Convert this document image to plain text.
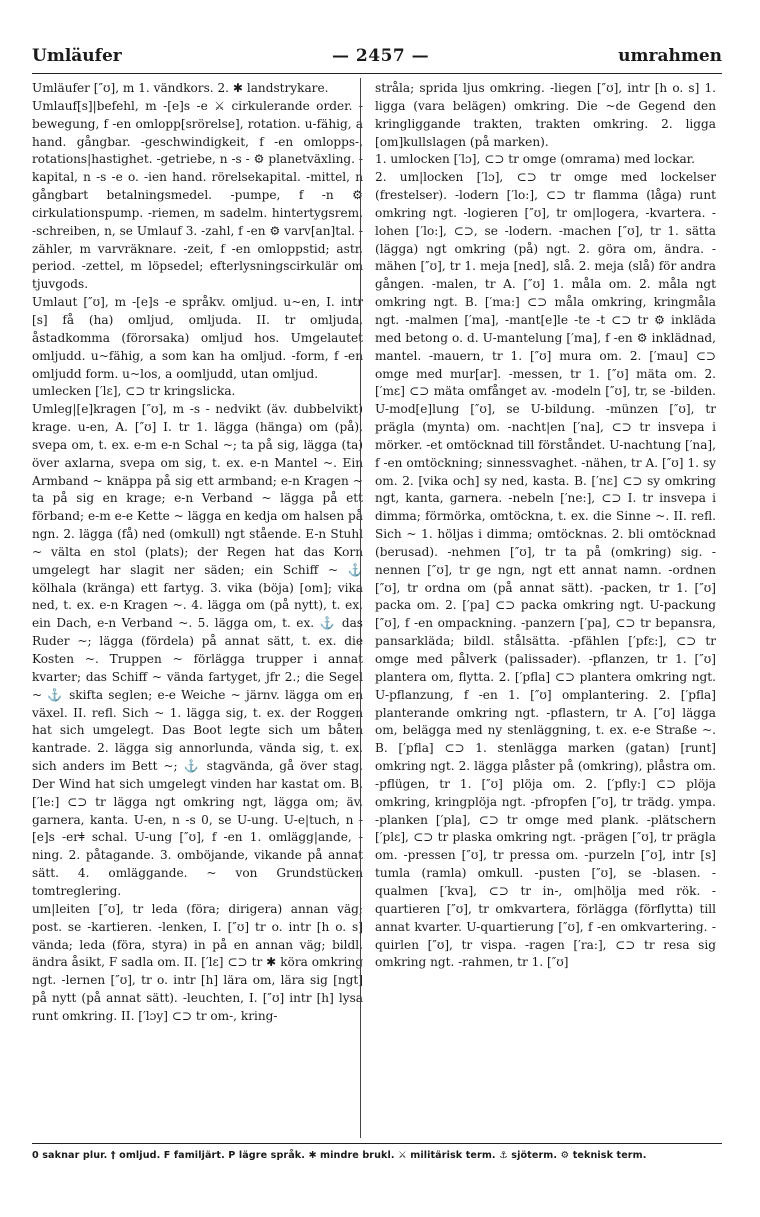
Umläufer	— 2457 —	umrahmen

Umläufer [″ʊ], m 1. vändkors. 2. ✱ landstrykare.

Umlauf[s]|befehl, m -[e]s -e ⚔ cirkulerande order. -bewegung, f -en omlopp[srörelse], rotation. u-fähig, a hand. gångbar. -geschwindigkeit, f -en omlopps-, rotations|hastighet. -getriebe, n -s - ⚙ planetväxling. -kapital, n -s -e o. -ien hand. rörelsekapital. -mittel, n gångbart betalningsmedel. -pumpe, f -n ⚙ cirkulationspump. -riemen, m sadelm. hintertygsrem. -schreiben, n, se Umlauf 3. -zahl, f -en ⚙ varv[an]tal. -zähler, m varvräknare. -zeit, f -en omloppstid; astr. period. -zettel, m löpsedel; efterlysningscirkulär om tjuvgods.

Umlaut [″ʊ], m -[e]s -e språkv. omljud. u~en, I. intr [s] få (ha) omljud, omljuda. II. tr omljuda, åstadkomma (förorsaka) omljud hos. Umgelautet omljudd. u~fähig, a som kan ha omljud. -form, f -en omljudd form. u~los, a oomljudd, utan omljud.

umlecken [′lɛ], ⊂⊃ tr kringslicka.

Umleg|[e]kragen [″ʊ], m -s - nedvikt (äv. dubbelvikt) krage. u-en, A. [″ʊ] I. tr 1. lägga (hänga) om (på), svepa om, t. ex. e-m e-n Schal ~; ta på sig, lägga (ta) över axlarna, svepa om sig, t. ex. e-n Mantel ~. Ein Armband ~ knäppa på sig ett armband; e-n Kragen ~ ta på sig en krage; e-n Verband ~ lägga på ett förband; e-m e-e Kette ~ lägga en kedja om halsen på ngn. 2. lägga (få) ned (omkull) ngt stående. E-n Stuhl ~ välta en stol (plats); der Regen hat das Korn umgelegt har slagit ner säden; ein Schiff ~ ⚓ kölhala (kränga) ett fartyg. 3. vika (böja) [om]; vika ned, t. ex. e-n Kragen ~. 4. lägga om (på nytt), t. ex. ein Dach, e-n Verband ~. 5. lägga om, t. ex. ⚓ das Ruder ~; lägga (fördela) på annat sätt, t. ex. die Kosten ~. Truppen ~ förlägga trupper i annat kvarter; das Schiff ~ vända fartyget, jfr 2.; die Segel ~ ⚓ skifta seglen; e-e Weiche ~ järnv. lägga om en växel. II. refl. Sich ~ 1. lägga sig, t. ex. der Roggen hat sich umgelegt. Das Boot legte sich um båten kantrade. 2. lägga sig annorlunda, vända sig, t. ex. sich anders im Bett ~; ⚓ stagvända, gå över stag. Der Wind hat sich umgelegt vinden har kastat om. B. [′le:] ⊂⊃ tr lägga ngt omkring ngt, lägga om; äv. garnera, kanta. U-en, n -s 0, se U-ung. U-e|tuch, n -[e]s -erǂ schal. U-ung [″ʊ], f -en 1. omlägg|ande, -ning. 2. påtagande. 3. omböjande, vikande på annat sätt. 4. omläggande. ~ von Grundstücken tomtreglering.

um|leiten [″ʊ], tr leda (föra; dirigera) annan väg; post. se -kartieren. -lenken, I. [″ʊ] tr o. intr [h o. s] vända; leda (föra, styra) in på en annan väg; bildl. ändra åsikt, F sadla om. II. [′lɛ] ⊂⊃ tr ✱ köra omkring ngt. -lernen [″ʊ], tr o. intr [h] lära om, lära sig [ngt] på nytt (på annat sätt). -leuchten, I. [″ʊ] intr [h] lysa runt omkring. II. [′lɔy] ⊂⊃ tr om-, kring-

stråla; sprida ljus omkring. -liegen [″ʊ], intr [h o. s] 1. ligga (vara belägen) omkring. Die ~de Gegend den kringliggande trakten, trakten omkring. 2. ligga [om]kullslagen (på marken).

1. umlocken [′lɔ], ⊂⊃ tr omge (omrama) med lockar.

2. um|locken [′lɔ], ⊂⊃ tr omge med lockelser (frestelser). -lodern [′lo:], ⊂⊃ tr flamma (låga) runt omkring ngt. -logieren [″ʊ], tr om|logera, -kvartera. -lohen [′lo:], ⊂⊃, se -lodern. -machen [″ʊ], tr 1. sätta (lägga) ngt omkring (på) ngt. 2. göra om, ändra. -mähen [″ʊ], tr 1. meja [ned], slå. 2. meja (slå) för andra gången. -malen, tr A. [″ʊ] 1. måla om. 2. måla ngt omkring ngt. B. [′ma:] ⊂⊃ måla omkring, kringmåla ngt. -malmen [′ma], -mant[e]le -te -t ⊂⊃ tr ⚙ inkläda med betong o. d. U-mantelung [′ma], f -en ⚙ inklädnad, mantel. -mauern, tr 1. [″ʊ] mura om. 2. [′mau] ⊂⊃ omge med mur[ar]. -messen, tr 1. [″ʊ] mäta om. 2. [′mɛ] ⊂⊃ mäta omfånget av. -modeln [″ʊ], tr, se -bilden. U-mod[e]lung [″ʊ], se U-bildung. -münzen [″ʊ], tr präglа (mynta) om. -nacht|en [′na], ⊂⊃ tr insvepa i mörker. -et omtöcknad till förståndet. U-nachtung [′na], f -en omtöckning; sinnessvaghet. -nähen, tr A. [″ʊ] 1. sy om. 2. [vika och] sy ned, kasta. B. [′nɛ] ⊂⊃ sy omkring ngt, kanta, garnera. -nebeln [′ne:], ⊂⊃ I. tr insvepa i dimma; förmörka, omtöckna, t. ex. die Sinne ~. II. refl. Sich ~ 1. höljas i dimma; omtöcknas. 2. bli omtöcknad (berusad). -nehmen [″ʊ], tr ta på (omkring) sig. -nennen [″ʊ], tr ge ngn, ngt ett annat namn. -ordnen [″ʊ], tr ordna om (på annat sätt). -packen, tr 1. [″ʊ] packa om. 2. [′pa] ⊂⊃ packa omkring ngt. U-packung [″ʊ], f -en ompackning. -panzern [′pa], ⊂⊃ tr bepansra, pansarkläda; bildl. stålsätta. -pfählen [′pfɛ:], ⊂⊃ tr omge med pålverk (palissader). -pflanzen, tr 1. [″ʊ] plantera om, flytta. 2. [′pfla] ⊂⊃ plantera omkring ngt. U-pflanzung, f -en 1. [″ʊ] omplantering. 2. [′pfla] planterande omkring ngt. -pflastern, tr A. [″ʊ] lägga om, belägga med ny stenläggning, t. ex. e-e Straße ~. B. [′pfla] ⊂⊃ 1. stenlägga marken (gatan) [runt] omkring ngt. 2. lägga plåster på (omkring), plåstra om. -pflügen, tr 1. [″ʊ] plöja om. 2. [′pfly:] ⊂⊃ plöja omkring, kringplöja ngt. -pfropfen [″ʊ], tr trädg. ympa. -planken [′pla], ⊂⊃ tr omge med plank. -plätschern [′plɛ], ⊂⊃ tr plaska omkring ngt. -prägen [″ʊ], tr präglа om. -pressen [″ʊ], tr pressa om. -purzeln [″ʊ], intr [s] tumla (ramla) omkull. -pusten [″ʊ], se -blasen. -qualmen [′kva], ⊂⊃ tr in-, om|hölja med rök. -quartieren [″ʊ], tr omkvartera, förlägga (förflytta) till annat kvarter. U-quartierung [″ʊ], f -en omkvartering. -quirlen [″ʊ], tr vispa. -ragen [′ra:], ⊂⊃ tr resa sig omkring ngt. -rahmen, tr 1. [″ʊ]

0 saknar plur. † omljud. F familjärt. P lägre språk. ✱ mindre brukl. ⚔ militärisk term. ⚓ sjöterm. ⚙ teknisk term.
